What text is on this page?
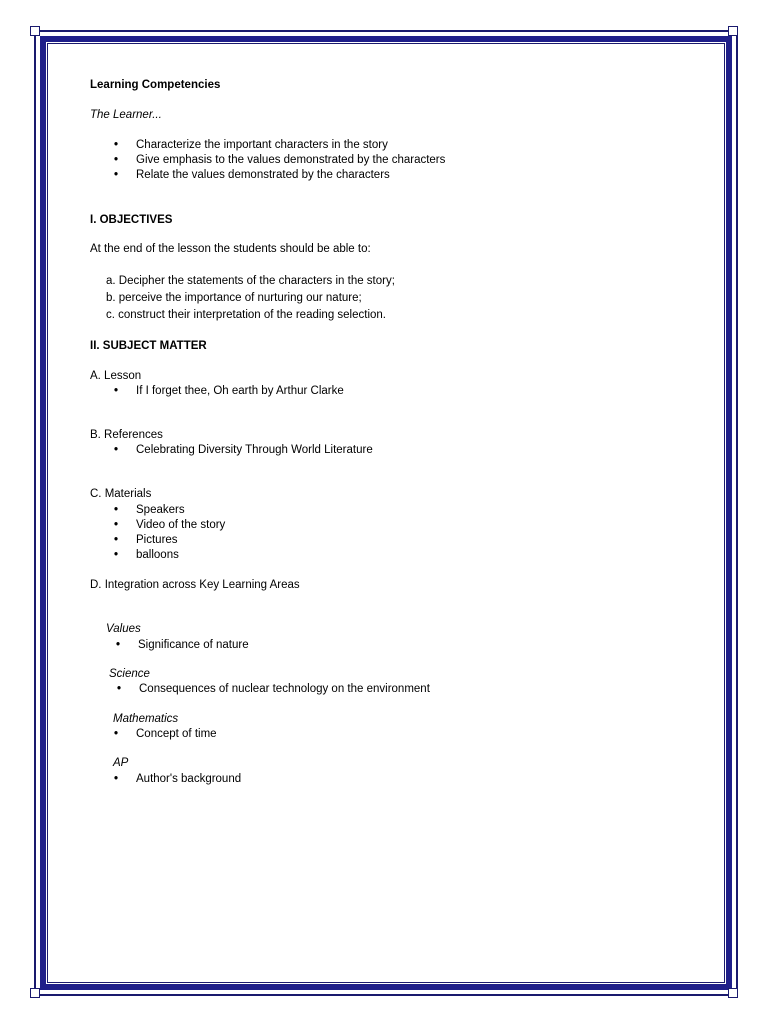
Learning Competencies
The Learner...
• Characterize the important characters in the story
• Give emphasis to the values demonstrated by the characters
• Relate the values demonstrated by the characters
I. OBJECTIVES
At the end of the lesson the students should be able to:
a. Decipher the statements of the characters in the story;
b. perceive the importance of nurturing our nature;
c. construct their interpretation of the reading selection.
II. SUBJECT MATTER
A. Lesson
• If I forget thee, Oh earth by Arthur Clarke
B. References
• Celebrating Diversity Through World Literature
C. Materials
• Speakers
• Video of the story
• Pictures
• balloons
D. Integration across Key Learning Areas
Values
• Significance of nature
Science
• Consequences of nuclear technology on the environment
Mathematics
• Concept of time
AP
• Author's background
